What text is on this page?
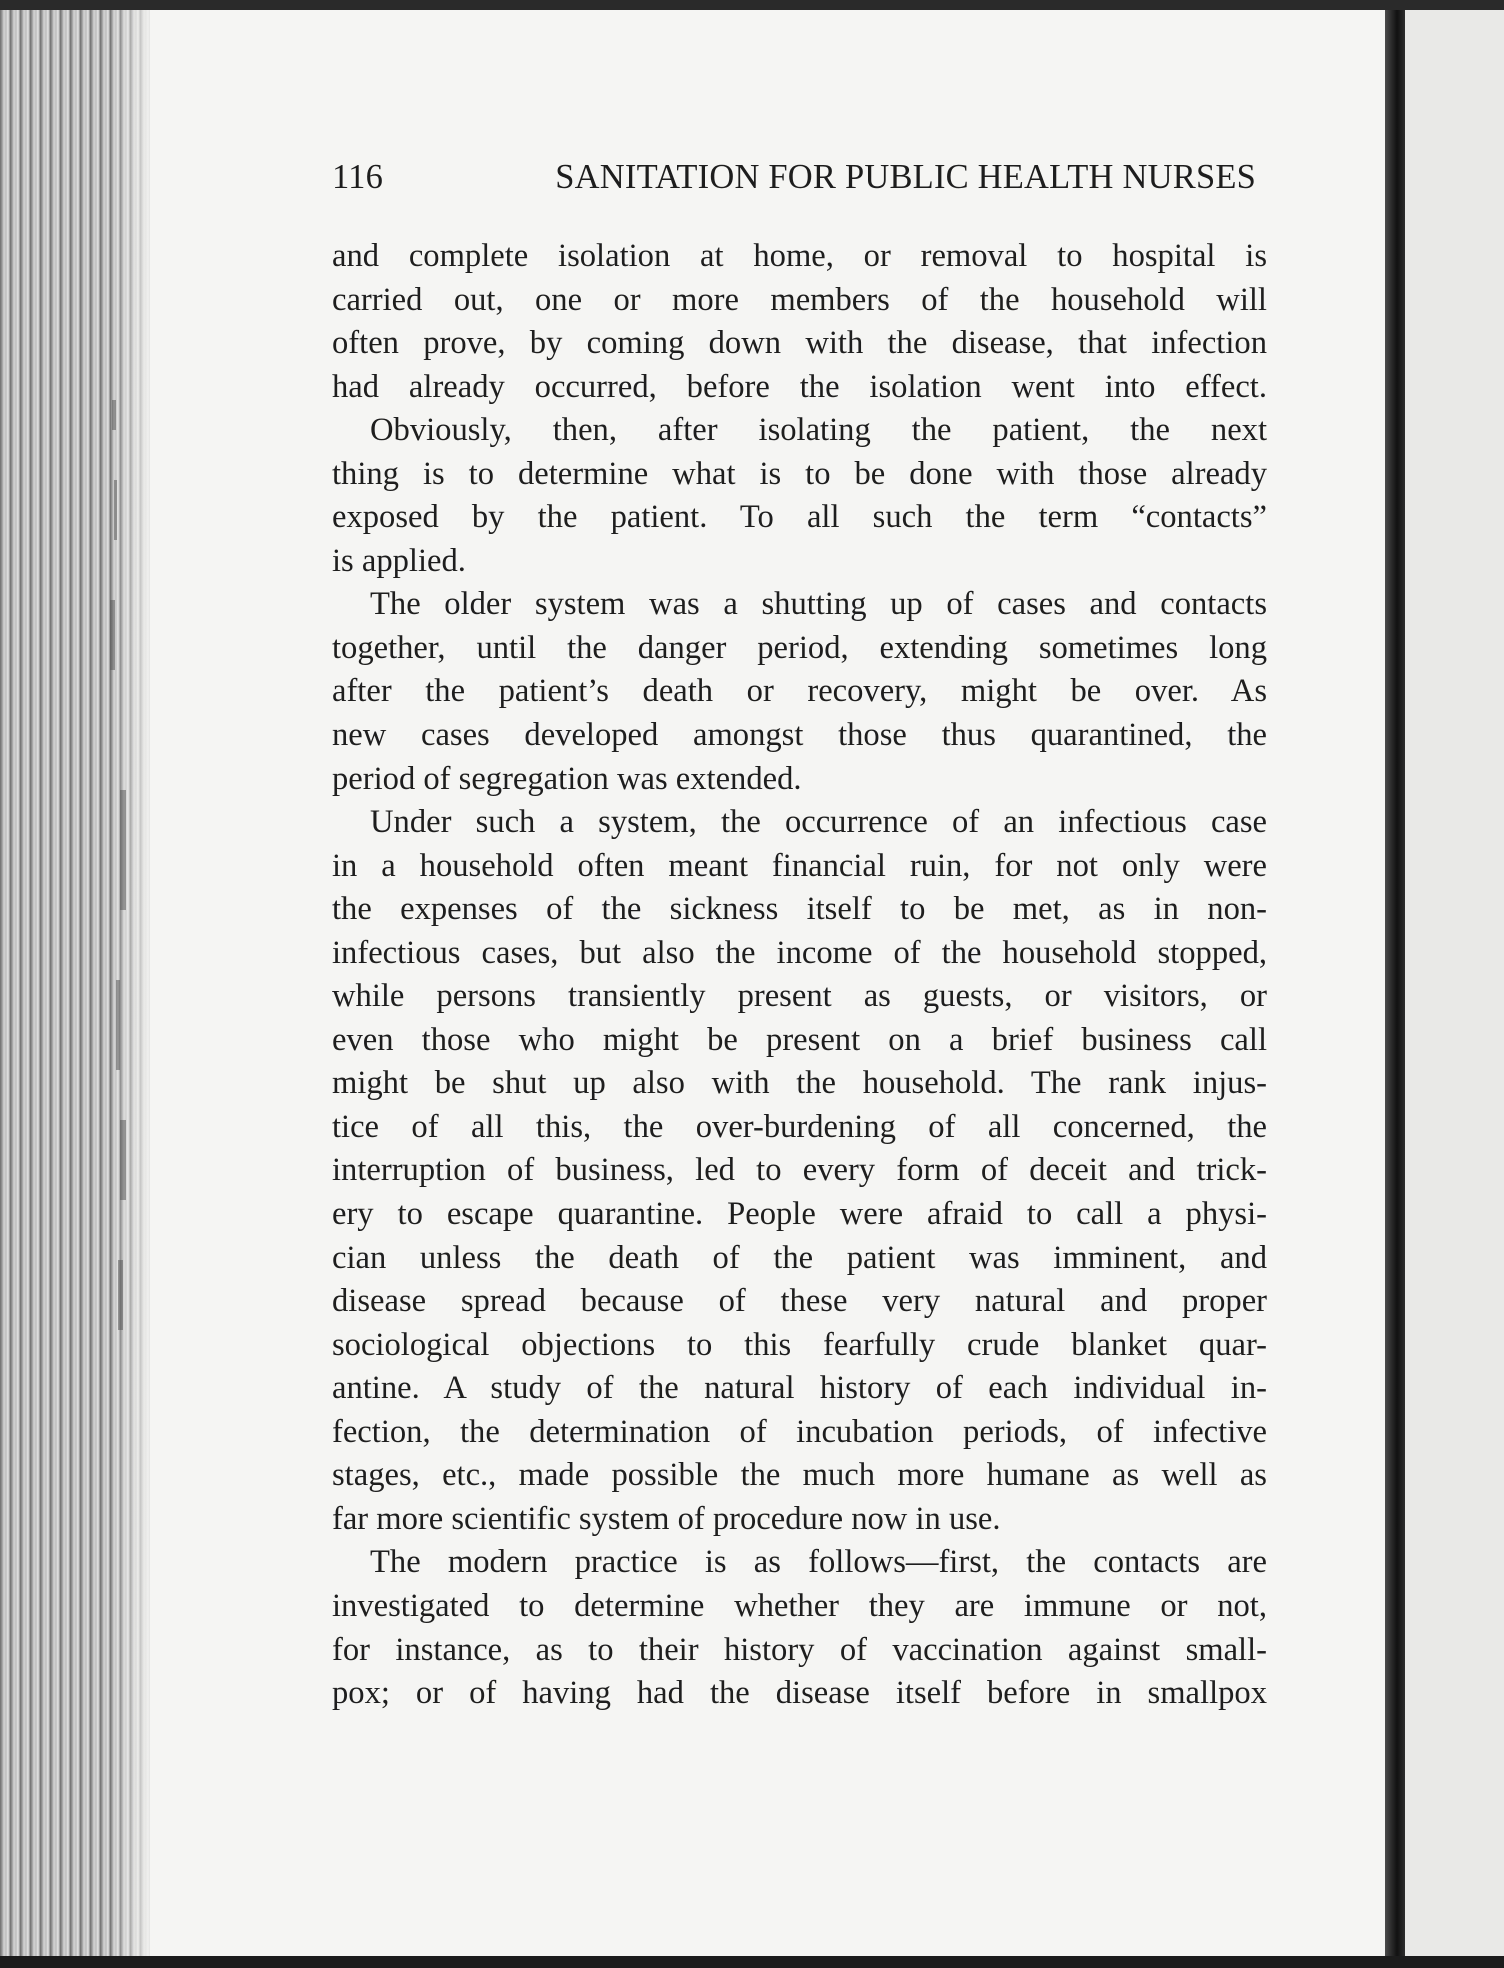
116	SANITATION FOR PUBLIC HEALTH NURSES

and complete isolation at home, or removal to hospital is
carried out, one or more members of the household will
often prove, by coming down with the disease, that infection
had already occurred, before the isolation went into effect.

Obviously, then, after isolating the patient, the next
thing is to determine what is to be done with those already
exposed by the patient. To all such the term “contacts”
is applied.

The older system was a shutting up of cases and contacts
together, until the danger period, extending sometimes long
after the patient’s death or recovery, might be over. As
new cases developed amongst those thus quarantined, the
period of segregation was extended.

Under such a system, the occurrence of an infectious case
in a household often meant financial ruin, for not only were
the expenses of the sickness itself to be met, as in non-
infectious cases, but also the income of the household stopped,
while persons transiently present as guests, or visitors, or
even those who might be present on a brief business call
might be shut up also with the household. The rank injus-
tice of all this, the over-burdening of all concerned, the
interruption of business, led to every form of deceit and trick-
ery to escape quarantine. People were afraid to call a physi-
cian unless the death of the patient was imminent, and
disease spread because of these very natural and proper
sociological objections to this fearfully crude blanket quar-
antine. A study of the natural history of each individual in-
fection, the determination of incubation periods, of infective
stages, etc., made possible the much more humane as well as
far more scientific system of procedure now in use.

The modern practice is as follows—first, the contacts are
investigated to determine whether they are immune or not,
for instance, as to their history of vaccination against small-
pox; or of having had the disease itself before in smallpox
